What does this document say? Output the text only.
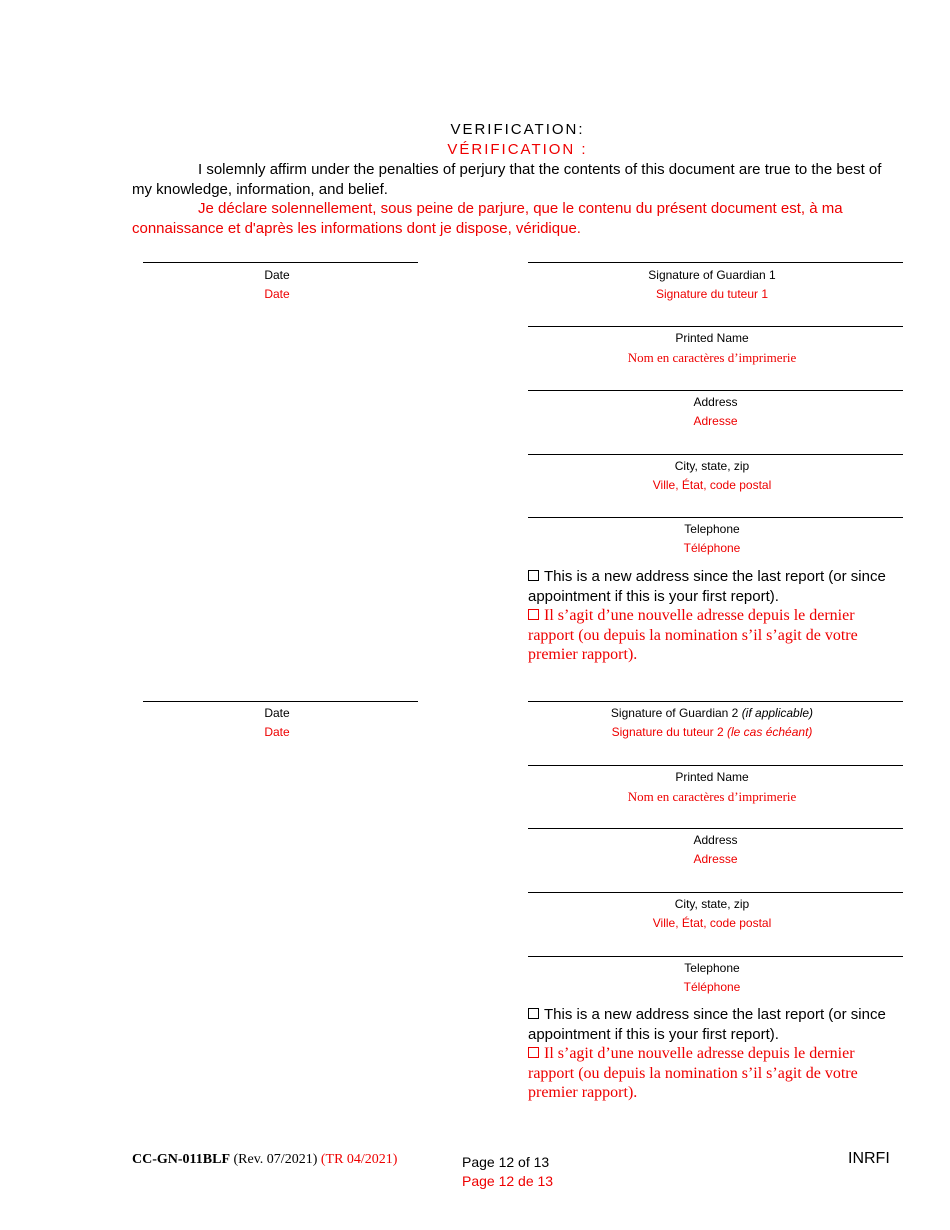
VERIFICATION:
VÉRIFICATION :
I solemnly affirm under the penalties of perjury that the contents of this document are true to the best of my knowledge, information, and belief.
Je déclare solennellement, sous peine de parjure, que le contenu du présent document est, à ma connaissance et d'après les informations dont je dispose, véridique.
Date
Date
Signature of Guardian 1
Signature du tuteur 1
Printed Name
Nom en caractères d’imprimerie
Address
Adresse
City, state, zip
Ville, État, code postal
Telephone
Téléphone
This is a new address since the last report (or since appointment if this is your first report).
Il s’agit d’une nouvelle adresse depuis le dernier rapport (ou depuis la nomination s’il s’agit de votre premier rapport).
Date
Date
Signature of Guardian 2 (if applicable)
Signature du tuteur 2 (le cas échéant)
Printed Name
Nom en caractères d’imprimerie
Address
Adresse
City, state, zip
Ville, État, code postal
Telephone
Téléphone
This is a new address since the last report (or since appointment if this is your first report).
Il s’agit d’une nouvelle adresse depuis le dernier rapport (ou depuis la nomination s’il s’agit de votre premier rapport).
CC-GN-011BLF (Rev. 07/2021) (TR 04/2021)	Page 12 of 13
Page 12 de 13
INRFI
